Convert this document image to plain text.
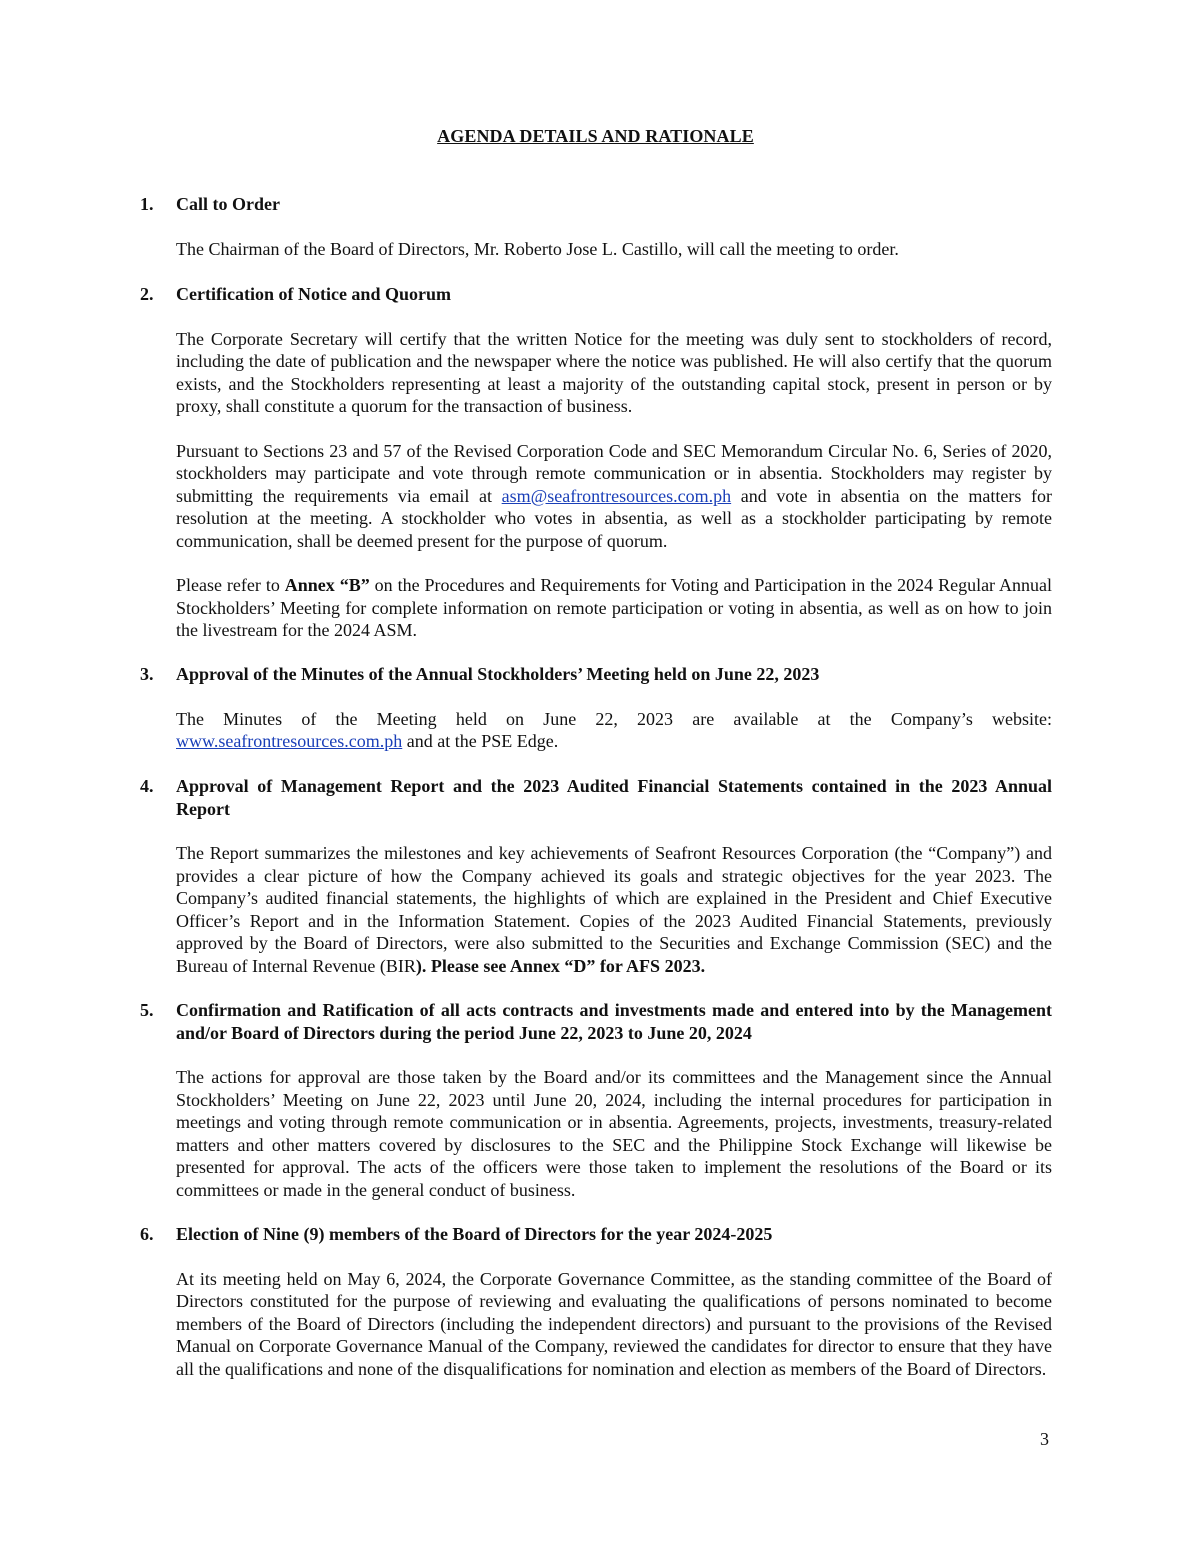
AGENDA DETAILS AND RATIONALE
1.	Call to Order
The Chairman of the Board of Directors, Mr. Roberto Jose L. Castillo, will call the meeting to order.
2.	Certification of Notice and Quorum
The Corporate Secretary will certify that the written Notice for the meeting was duly sent to stockholders of record, including the date of publication and the newspaper where the notice was published. He will also certify that the quorum exists, and the Stockholders representing at least a majority of the outstanding capital stock, present in person or by proxy, shall constitute a quorum for the transaction of business.
Pursuant to Sections 23 and 57 of the Revised Corporation Code and SEC Memorandum Circular No. 6, Series of 2020, stockholders may participate and vote through remote communication or in absentia. Stockholders may register by submitting the requirements via email at asm@seafrontresources.com.ph and vote in absentia on the matters for resolution at the meeting. A stockholder who votes in absentia, as well as a stockholder participating by remote communication, shall be deemed present for the purpose of quorum.
Please refer to Annex “B” on the Procedures and Requirements for Voting and Participation in the 2024 Regular Annual Stockholders’ Meeting for complete information on remote participation or voting in absentia, as well as on how to join the livestream for the 2024 ASM.
3.	Approval of the Minutes of the Annual Stockholders’ Meeting held on June 22, 2023
The Minutes of the Meeting held on June 22, 2023 are available at the Company’s website: www.seafrontresources.com.ph and at the PSE Edge.
4.	Approval of Management Report and the 2023 Audited Financial Statements contained in the 2023 Annual Report
The Report summarizes the milestones and key achievements of Seafront Resources Corporation (the “Company”) and provides a clear picture of how the Company achieved its goals and strategic objectives for the year 2023. The Company’s audited financial statements, the highlights of which are explained in the President and Chief Executive Officer’s Report and in the Information Statement. Copies of the 2023 Audited Financial Statements, previously approved by the Board of Directors, were also submitted to the Securities and Exchange Commission (SEC) and the Bureau of Internal Revenue (BIR). Please see Annex “D” for AFS 2023.
5.	Confirmation and Ratification of all acts contracts and investments made and entered into by the Management and/or Board of Directors during the period June 22, 2023 to June 20, 2024
The actions for approval are those taken by the Board and/or its committees and the Management since the Annual Stockholders’ Meeting on June 22, 2023 until June 20, 2024, including the internal procedures for participation in meetings and voting through remote communication or in absentia. Agreements, projects, investments, treasury-related matters and other matters covered by disclosures to the SEC and the Philippine Stock Exchange will likewise be presented for approval. The acts of the officers were those taken to implement the resolutions of the Board or its committees or made in the general conduct of business.
6.	Election of Nine (9) members of the Board of Directors for the year 2024-2025
At its meeting held on May 6, 2024, the Corporate Governance Committee, as the standing committee of the Board of Directors constituted for the purpose of reviewing and evaluating the qualifications of persons nominated to become members of the Board of Directors (including the independent directors) and pursuant to the provisions of the Revised Manual on Corporate Governance Manual of the Company, reviewed the candidates for director to ensure that they have all the qualifications and none of the disqualifications for nomination and election as members of the Board of Directors.
3
